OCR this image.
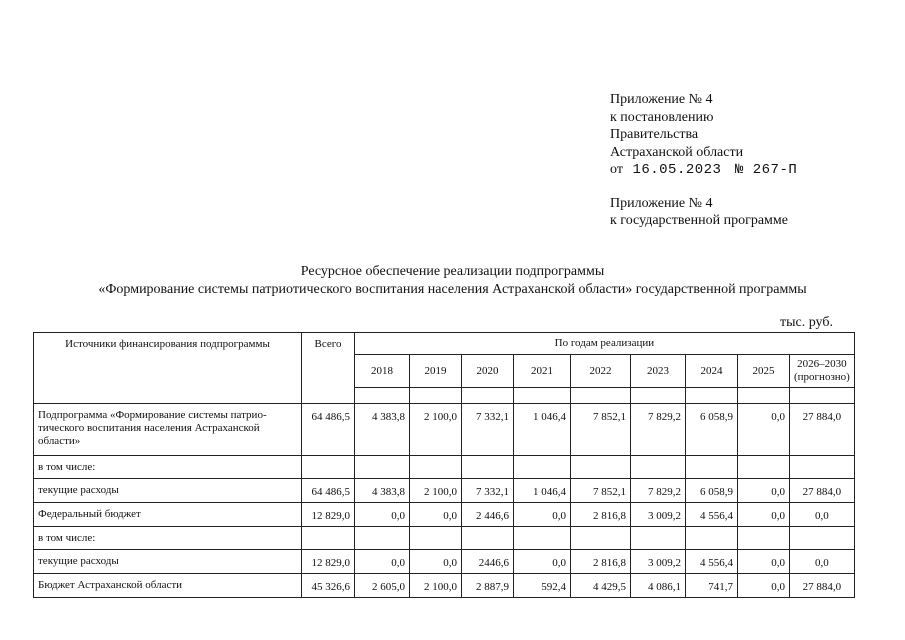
Приложение № 4
к постановлению
Правительства
Астраханской области
от 16.05.2023 № 267-П
Приложение № 4
к государственной программе
Ресурсное обеспечение реализации подпрограммы
«Формирование системы патриотического воспитания населения Астраханской области» государственной программы
тыс. руб.
Источники финансирования подпрограммы	Всего	По годам реализации								
		2018	2019	2020	2021	2022	2023	2024	2025	2026–2030 (прогнозно)

Подпрограмма «Формирование системы патрио-тического воспитания населения Астраханской области»	64 486,5	4 383,8	2 100,0	7 332,1	1 046,4	7 852,1	7 829,2	6 058,9	0,0	27 884,0
в том числе:										
текущие расходы	64 486,5	4 383,8	2 100,0	7 332,1	1 046,4	7 852,1	7 829,2	6 058,9	0,0	27 884,0
Федеральный бюджет	12 829,0	0,0	0,0	2 446,6	0,0	2 816,8	3 009,2	4 556,4	0,0	0,0
в том числе:										
текущие расходы	12 829,0	0,0	0,0	2446,6	0,0	2 816,8	3 009,2	4 556,4	0,0	0,0
Бюджет Астраханской области	45 326,6	2 605,0	2 100,0	2 887,9	592,4	4 429,5	4 086,1	741,7	0,0	27 884,0
